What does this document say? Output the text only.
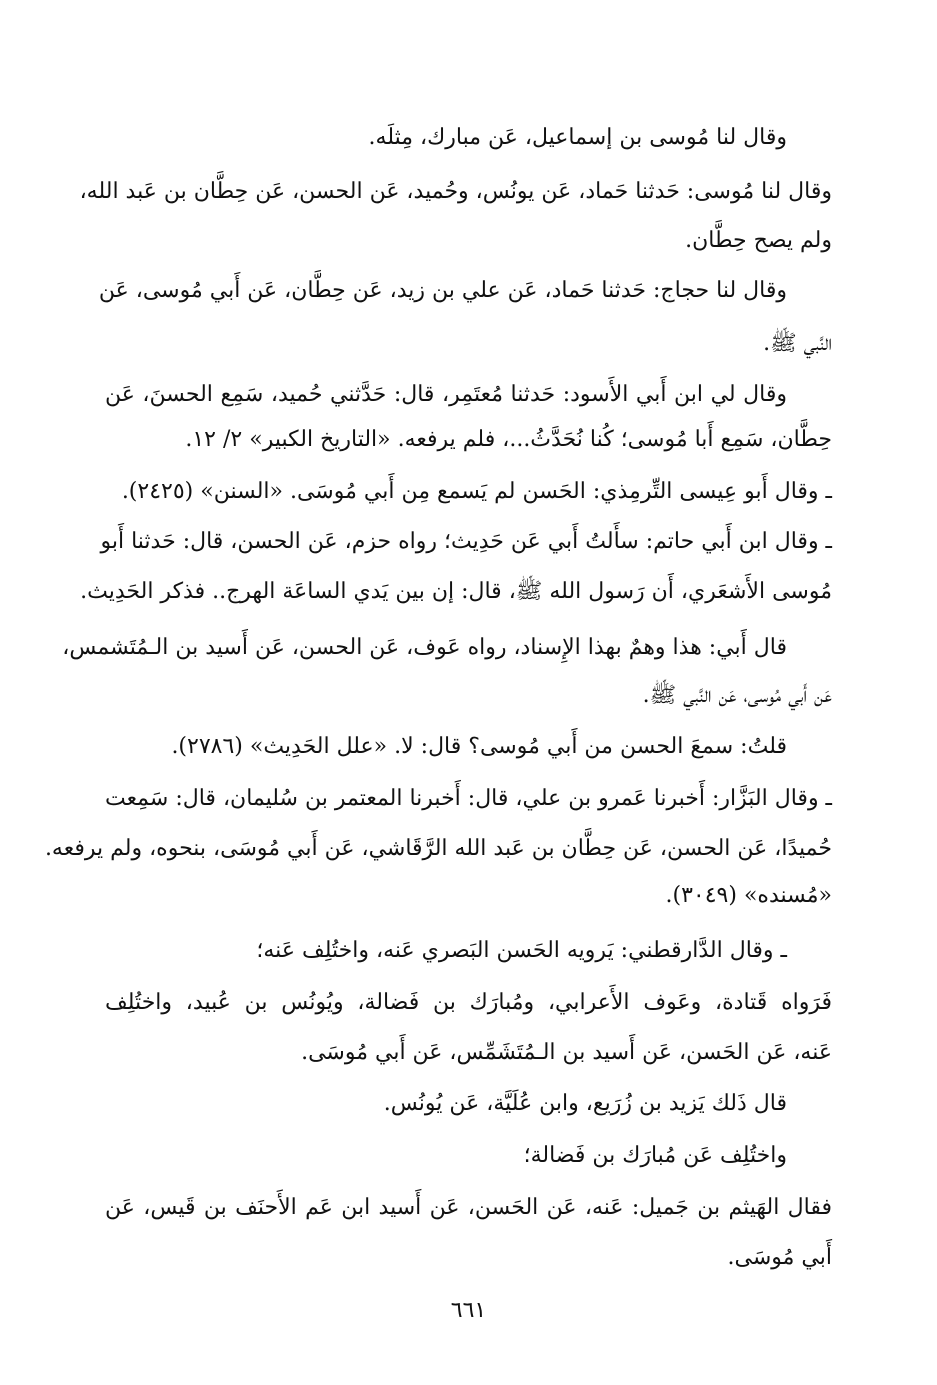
وقال لنا مُوسى بن إسماعيل، عَن مبارك، مِثلَه.
وقال لنا مُوسى: حَدثنا حَماد، عَن يونُس، وحُميد، عَن الحسن، عَن حِطَّان بن عَبد الله،
ولم يصح حِطَّان.
وقال لنا حجاج: حَدثنا حَماد، عَن علي بن زيد، عَن حِطَّان، عَن أَبي مُوسى، عَن
النَّبي ﷺ.
وقال لي ابن أَبي الأَسود: حَدثنا مُعتَمِر، قال: حَدَّثني حُميد، سَمِع الحسنَ، عَن
حِطَّان، سَمِع أَبا مُوسى؛ كُنا نُحَدَّثُ...، فلم يرفعه. «التاريخ الكبير» ٢/ ١٢.
ـ وقال أَبو عِيسى التِّرمِذي: الحَسن لم يَسمع مِن أَبي مُوسَى. «السنن» (٢٤٢٥).
ـ وقال ابن أَبي حاتم: سأَلتُ أَبي عَن حَدِيث؛ رواه حزم، عَن الحسن، قال: حَدثنا أَبو
مُوسى الأَشعَري، أَن رَسول الله ﷺ، قال: إن بين يَدي الساعَة الهرج.. فذكر الحَدِيث.
قال أَبي: هذا وهمٌ بهذا الإِسناد، رواه عَوف، عَن الحسن، عَن أَسيد بن الـمُتَشمس،
عَن أَبي مُوسى، عَن النَّبي ﷺ.
قلتُ: سمعَ الحسن من أَبي مُوسى؟ قال: لا. «علل الحَدِيث» (٢٧٨٦).
ـ وقال البَزَّار: أَخبرنا عَمرو بن علي، قال: أَخبرنا المعتمر بن سُليمان، قال: سَمِعت
حُميدًا، عَن الحسن، عَن حِطَّان بن عَبد الله الرَّقَاشي، عَن أَبي مُوسَى، بنحوه، ولم يرفعه.
«مُسنده» (٣٠٤٩).
ـ وقال الدَّارقطني: يَرويه الحَسن البَصري عَنه، واختُلِف عَنه؛
فَرَواه قَتادة، وعَوف الأَعرابي، ومُبارَك بن فَضالة، ويُونُس بن عُبيد، واختُلِف
عَنه، عَن الحَسن، عَن أَسيد بن الـمُتَشَمِّس، عَن أَبي مُوسَى.
قال ذَلك يَزيد بن زُرَيع، وابن عُلَيَّة، عَن يُونُس.
واختُلِف عَن مُبارَك بن فَضالة؛
فقال الهَيثم بن جَميل: عَنه، عَن الحَسن، عَن أَسيد ابن عَم الأَحنَف بن قَيس، عَن
أَبي مُوسَى.
٦٦١
